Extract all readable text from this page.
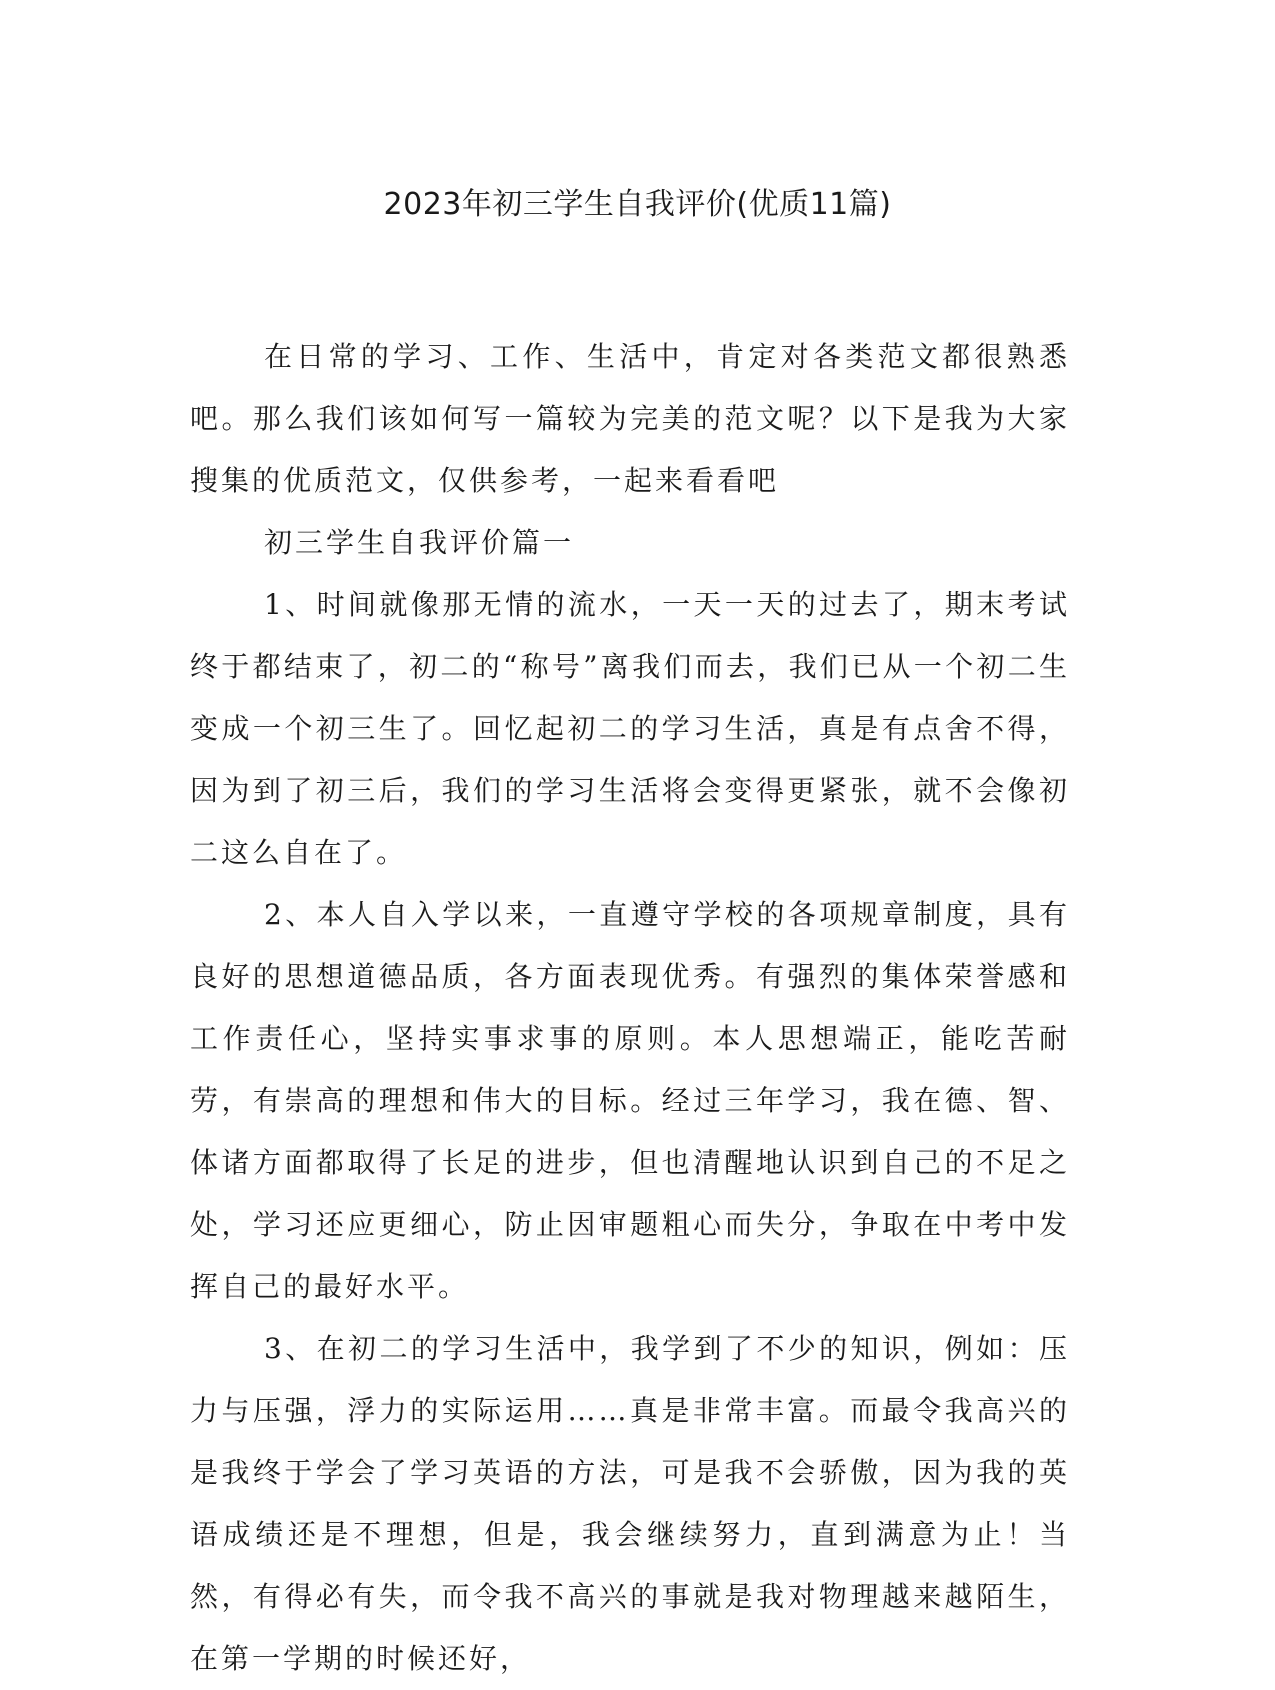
2023年初三学生自我评价(优质11篇)

在日常的学习、工作、生活中，肯定对各类范文都很熟悉吧。那么我们该如何写一篇较为完美的范文呢？以下是我为大家搜集的优质范文，仅供参考，一起来看看吧

初三学生自我评价篇一

1、时间就像那无情的流水，一天一天的过去了，期末考试终于都结束了，初二的“称号”离我们而去，我们已从一个初二生变成一个初三生了。回忆起初二的学习生活，真是有点舍不得，因为到了初三后，我们的学习生活将会变得更紧张，就不会像初二这么自在了。

2、本人自入学以来，一直遵守学校的各项规章制度，具有良好的思想道德品质，各方面表现优秀。有强烈的集体荣誉感和工作责任心，坚持实事求事的原则。本人思想端正，能吃苦耐劳，有崇高的理想和伟大的目标。经过三年学习，我在德、智、体诸方面都取得了长足的进步，但也清醒地认识到自己的不足之处，学习还应更细心，防止因审题粗心而失分，争取在中考中发挥自己的最好水平。

3、在初二的学习生活中，我学到了不少的知识，例如：压力与压强，浮力的实际运用……真是非常丰富。而最令我高兴的是我终于学会了学习英语的方法，可是我不会骄傲，因为我的英语成绩还是不理想，但是，我会继续努力，直到满意为止！当然，有得必有失，而令我不高兴的事就是我对物理越来越陌生，在第一学期的时候还好，
